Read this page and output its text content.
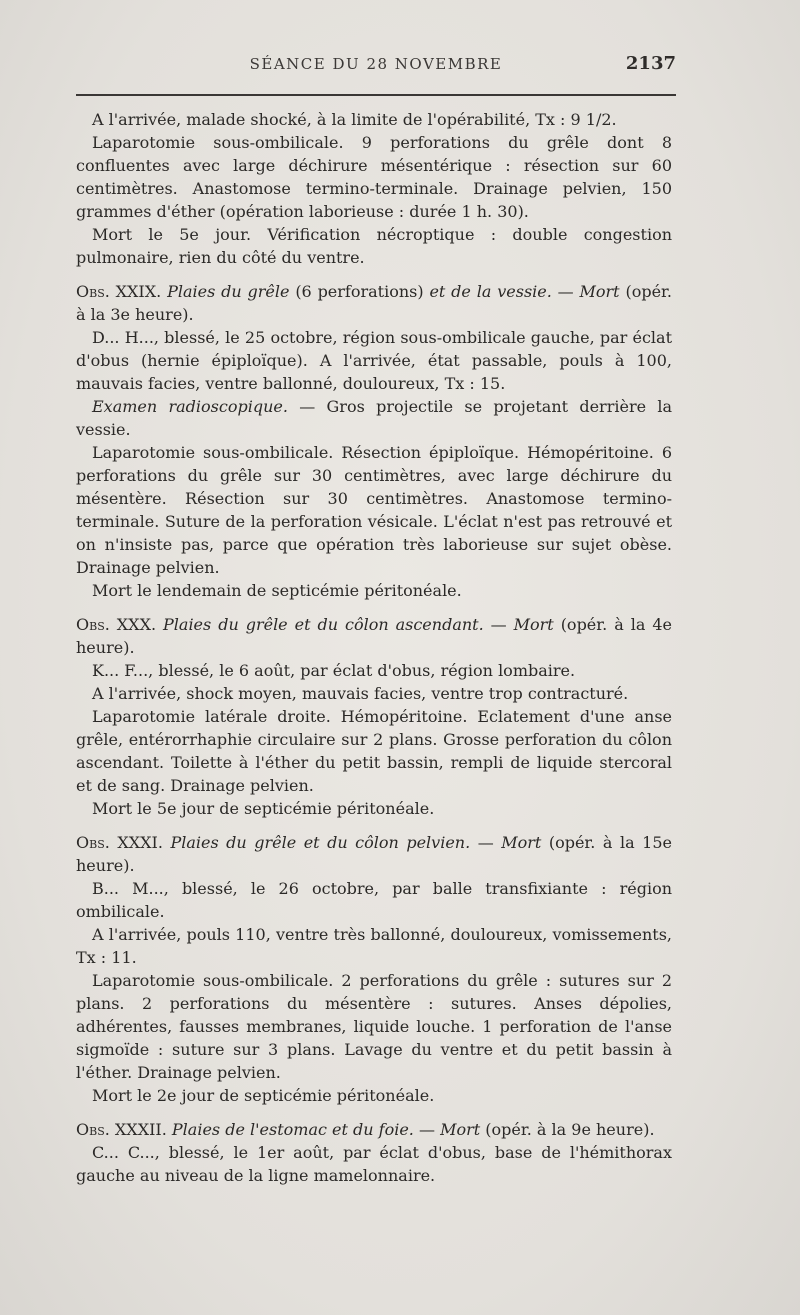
SÉANCE DU 28 NOVEMBRE	2137

A l'arrivée, malade shocké, à la limite de l'opérabilité, Tx : 9 1/2.

Laparotomie sous-ombilicale. 9 perforations du grêle dont 8 confluentes avec large déchirure mésentérique : résection sur 60 centimètres. Anastomose termino-terminale. Drainage pelvien, 150 grammes d'éther (opération laborieuse : durée 1 h. 30).

Mort le 5e jour. Vérification nécroptique : double congestion pulmonaire, rien du côté du ventre.

Obs. XXIX. Plaies du grêle (6 perforations) et de la vessie. — Mort (opér. à la 3e heure).

D... H..., blessé, le 25 octobre, région sous-ombilicale gauche, par éclat d'obus (hernie épiploïque). A l'arrivée, état passable, pouls à 100, mauvais facies, ventre ballonné, douloureux, Tx : 15.

Examen radioscopique. — Gros projectile se projetant derrière la vessie.

Laparotomie sous-ombilicale. Résection épiploïque. Hémopéritoine. 6 perforations du grêle sur 30 centimètres, avec large déchirure du mésentère. Résection sur 30 centimètres. Anastomose termino-terminale. Suture de la perforation vésicale. L'éclat n'est pas retrouvé et on n'insiste pas, parce que opération très laborieuse sur sujet obèse. Drainage pelvien.

Mort le lendemain de septicémie péritonéale.

Obs. XXX. Plaies du grêle et du côlon ascendant. — Mort (opér. à la 4e heure).

K... F..., blessé, le 6 août, par éclat d'obus, région lombaire.

A l'arrivée, shock moyen, mauvais facies, ventre trop contracturé.

Laparotomie latérale droite. Hémopéritoine. Eclatement d'une anse grêle, entérorrhaphie circulaire sur 2 plans. Grosse perforation du côlon ascendant. Toilette à l'éther du petit bassin, rempli de liquide stercoral et de sang. Drainage pelvien.

Mort le 5e jour de septicémie péritonéale.

Obs. XXXI. Plaies du grêle et du côlon pelvien. — Mort (opér. à la 15e heure).

B... M..., blessé, le 26 octobre, par balle transfixiante : région ombilicale.

A l'arrivée, pouls 110, ventre très ballonné, douloureux, vomissements, Tx : 11.

Laparotomie sous-ombilicale. 2 perforations du grêle : sutures sur 2 plans. 2 perforations du mésentère : sutures. Anses dépolies, adhérentes, fausses membranes, liquide louche. 1 perforation de l'anse sigmoïde : suture sur 3 plans. Lavage du ventre et du petit bassin à l'éther. Drainage pelvien.

Mort le 2e jour de septicémie péritonéale.

Obs. XXXII. Plaies de l'estomac et du foie. — Mort (opér. à la 9e heure).

C... C..., blessé, le 1er août, par éclat d'obus, base de l'hémithorax gauche au niveau de la ligne mamelonnaire.
